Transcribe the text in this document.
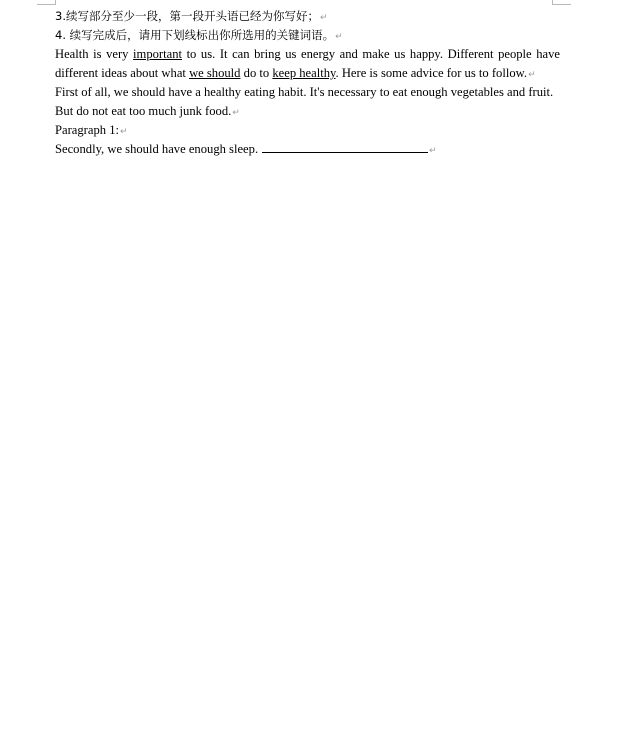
3.续写部分至少一段，第一段开头语已经为你写好；↵
4. 续写完成后，请用下划线标出你所选用的关键词语。↵
Health is very important to us. It can bring us energy and make us happy. Different people have
different ideas about what we should do to keep healthy. Here is some advice for us to follow.↵
First of all, we should have a healthy eating habit. It's necessary to eat enough vegetables and fruit.
But do not eat too much junk food.↵
Paragraph 1:↵
Secondly, we should have enough sleep.	↵
